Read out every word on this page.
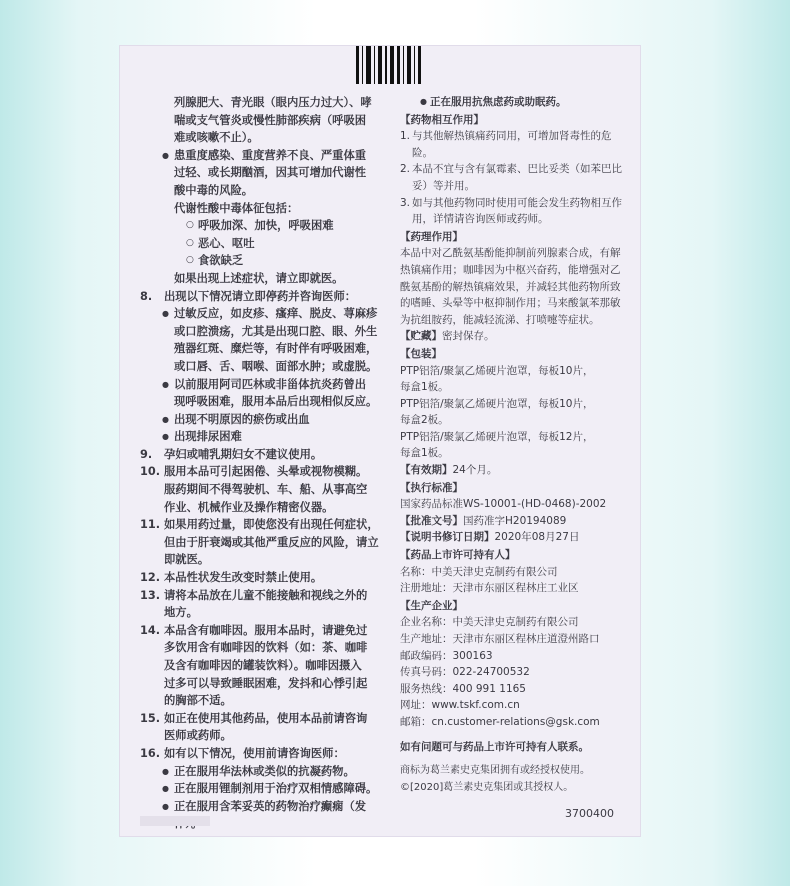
列腺肥大、青光眼（眼内压力过大）、哮

喘或支气管炎或慢性肺部疾病（呼吸困

难或咳嗽不止）。

● 患重度感染、重度营养不良、严重体重

过轻、或长期酗酒，因其可增加代谢性

酸中毒的风险。

代谢性酸中毒体征包括：

○ 呼吸加深、加快，呼吸困难

○ 恶心、呕吐

○ 食欲缺乏

如果出现上述症状，请立即就医。

8. 出现以下情况请立即停药并咨询医师：

● 过敏反应，如皮疹、瘙痒、脱皮、荨麻疹

或口腔溃疡，尤其是出现口腔、眼、外生

殖器红斑、糜烂等，有时伴有呼吸困难，

或口唇、舌、咽喉、面部水肿；或虚脱。

● 以前服用阿司匹林或非甾体抗炎药曾出

现呼吸困难，服用本品后出现相似反应。

● 出现不明原因的瘀伤或出血

● 出现排尿困难

9. 孕妇或哺乳期妇女不建议使用。

10. 服用本品可引起困倦、头晕或视物模糊。

服药期间不得驾驶机、车、船、从事高空

作业、机械作业及操作精密仪器。

11. 如果用药过量，即使您没有出现任何症状，

但由于肝衰竭或其他严重反应的风险，请立

即就医。

12. 本品性状发生改变时禁止使用。

13. 请将本品放在儿童不能接触和视线之外的

地方。

14. 本品含有咖啡因。服用本品时，请避免过

多饮用含有咖啡因的饮料（如：茶、咖啡

及含有咖啡因的罐装饮料）。咖啡因摄入

过多可以导致睡眠困难，发抖和心悸引起

的胸部不适。

15. 如正在使用其他药品，使用本品前请咨询

医师或药师。

16. 如有以下情况，使用前请咨询医师：

● 正在服用华法林或类似的抗凝药物。

● 正在服用锂制剂用于治疗双相情感障碍。

● 正在服用含苯妥英的药物治疗癫痫（发

● 正在服用抗焦虑药或助眠药。

【药物相互作用】

1. 与其他解热镇痛药同用，可增加肾毒性的危险。

2. 本品不宜与含有氯霉素、巴比妥类（如苯巴比

妥）等并用。

3. 如与其他药物同时使用可能会发生药物相互作

用，详情请咨询医师或药师。

【药理作用】

本品中对乙酰氨基酚能抑制前列腺素合成，有解

热镇痛作用；咖啡因为中枢兴奋药，能增强对乙

酰氨基酚的解热镇痛效果，并减轻其他药物所致

的嗜睡、头晕等中枢抑制作用；马来酸氯苯那敏

为抗组胺药，能减轻流涕、打喷嚏等症状。

【贮藏】密封保存。

【包装】

PTP铝箔/聚氯乙烯硬片泡罩，每板10片，

每盒1板。

PTP铝箔/聚氯乙烯硬片泡罩，每板10片，

每盒2板。

PTP铝箔/聚氯乙烯硬片泡罩，每板12片，

每盒1板。

【有效期】24个月。

【执行标准】

国家药品标准WS-10001-(HD-0468)-2002

【批准文号】国药准字H20194089

【说明书修订日期】2020年08月27日

【药品上市许可持有人】

名称：中美天津史克制药有限公司

注册地址：天津市东丽区程林庄工业区

【生产企业】

企业名称：中美天津史克制药有限公司

生产地址：天津市东丽区程林庄道澄州路口

邮政编码：300163

传真号码：022-24700532

服务热线：400 991 1165

网址：www.tskf.com.cn

邮箱：cn.customer-relations@gsk.com

如有问题可与药品上市许可持有人联系。

商标为葛兰素史克集团拥有或经授权使用。

©[2020]葛兰素史克集团或其授权人。

3700400
